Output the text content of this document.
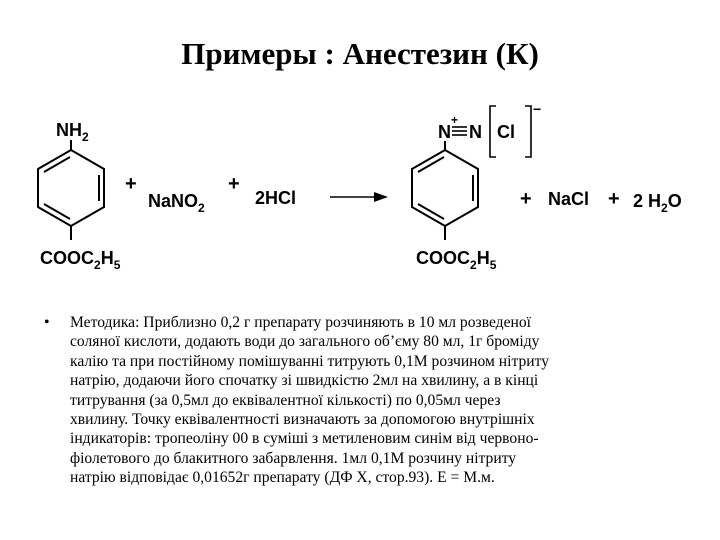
Примеры : Анестезин (К)
$NH_2$
$COOC_2H_5$
+
NaNO$_2$
+
2HCl
N
+
N Cl
−
$COOC_2H_5$
+ NaCl + 2 $H_2O$
• Методика: Приблизно 0,2 г препарату розчиняють в 10 мл розведеної
соляної кислоти, додають води до загального об’єму 80 мл, 1г броміду
калію та при постійному помішуванні титрують 0,1М розчином нітриту
натрію, додаючи його спочатку зі швидкістю 2мл на хвилину, а в кінці
титрування (за 0,5мл до еквівалентної кількості) по 0,05мл через
хвилину. Точку еквівалентності визначають за допомогою внутрішніх
індикаторів: тропеоліну 00 в суміші з метиленовим синім від червоно-
фіолетового до блакитного забарвлення. 1мл 0,1М розчину нітриту
натрію відповідає 0,01652г препарату (ДФ X, стор.93). Е = М.м.
